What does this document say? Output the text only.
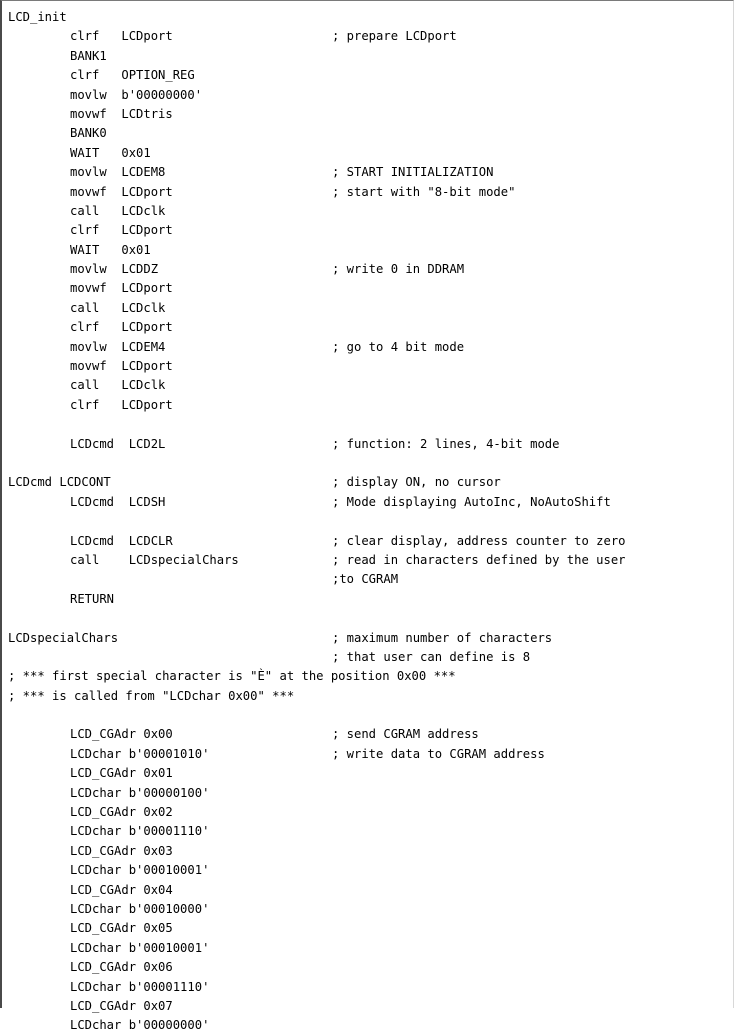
LCD_init
clrf   LCDport	; prepare LCDport
BANK1
clrf   OPTION_REG
movlw  b'00000000'
movwf  LCDtris
BANK0
WAIT   0x01
movlw  LCDEM8	; START INITIALIZATION
movwf  LCDport	; start with "8-bit mode"
call   LCDclk
clrf   LCDport
WAIT   0x01
movlw  LCDDZ	; write 0 in DDRAM
movwf  LCDport
call   LCDclk
clrf   LCDport
movlw  LCDEM4	; go to 4 bit mode
movwf  LCDport
call   LCDclk
clrf   LCDport
LCDcmd  LCD2L	; function: 2 lines, 4-bit mode
LCDcmd LCDCONT	; display ON, no cursor
LCDcmd  LCDSH	; Mode displaying AutoInc, NoAutoShift
LCDcmd  LCDCLR	; clear display, address counter to zero
call    LCDspecialChars	; read in characters defined by the user
;to CGRAM
RETURN
LCDspecialChars	; maximum number of characters
; that user can define is 8
; *** first special character is "È" at the position 0x00 ***
; *** is called from "LCDchar 0x00" ***
LCD_CGAdr 0x00	; send CGRAM address
LCDchar b'00001010'	; write data to CGRAM address
LCD_CGAdr 0x01
LCDchar b'00000100'
LCD_CGAdr 0x02
LCDchar b'00001110'
LCD_CGAdr 0x03
LCDchar b'00010001'
LCD_CGAdr 0x04
LCDchar b'00010000'
LCD_CGAdr 0x05
LCDchar b'00010001'
LCD_CGAdr 0x06
LCDchar b'00001110'
LCD_CGAdr 0x07
LCDchar b'00000000'
